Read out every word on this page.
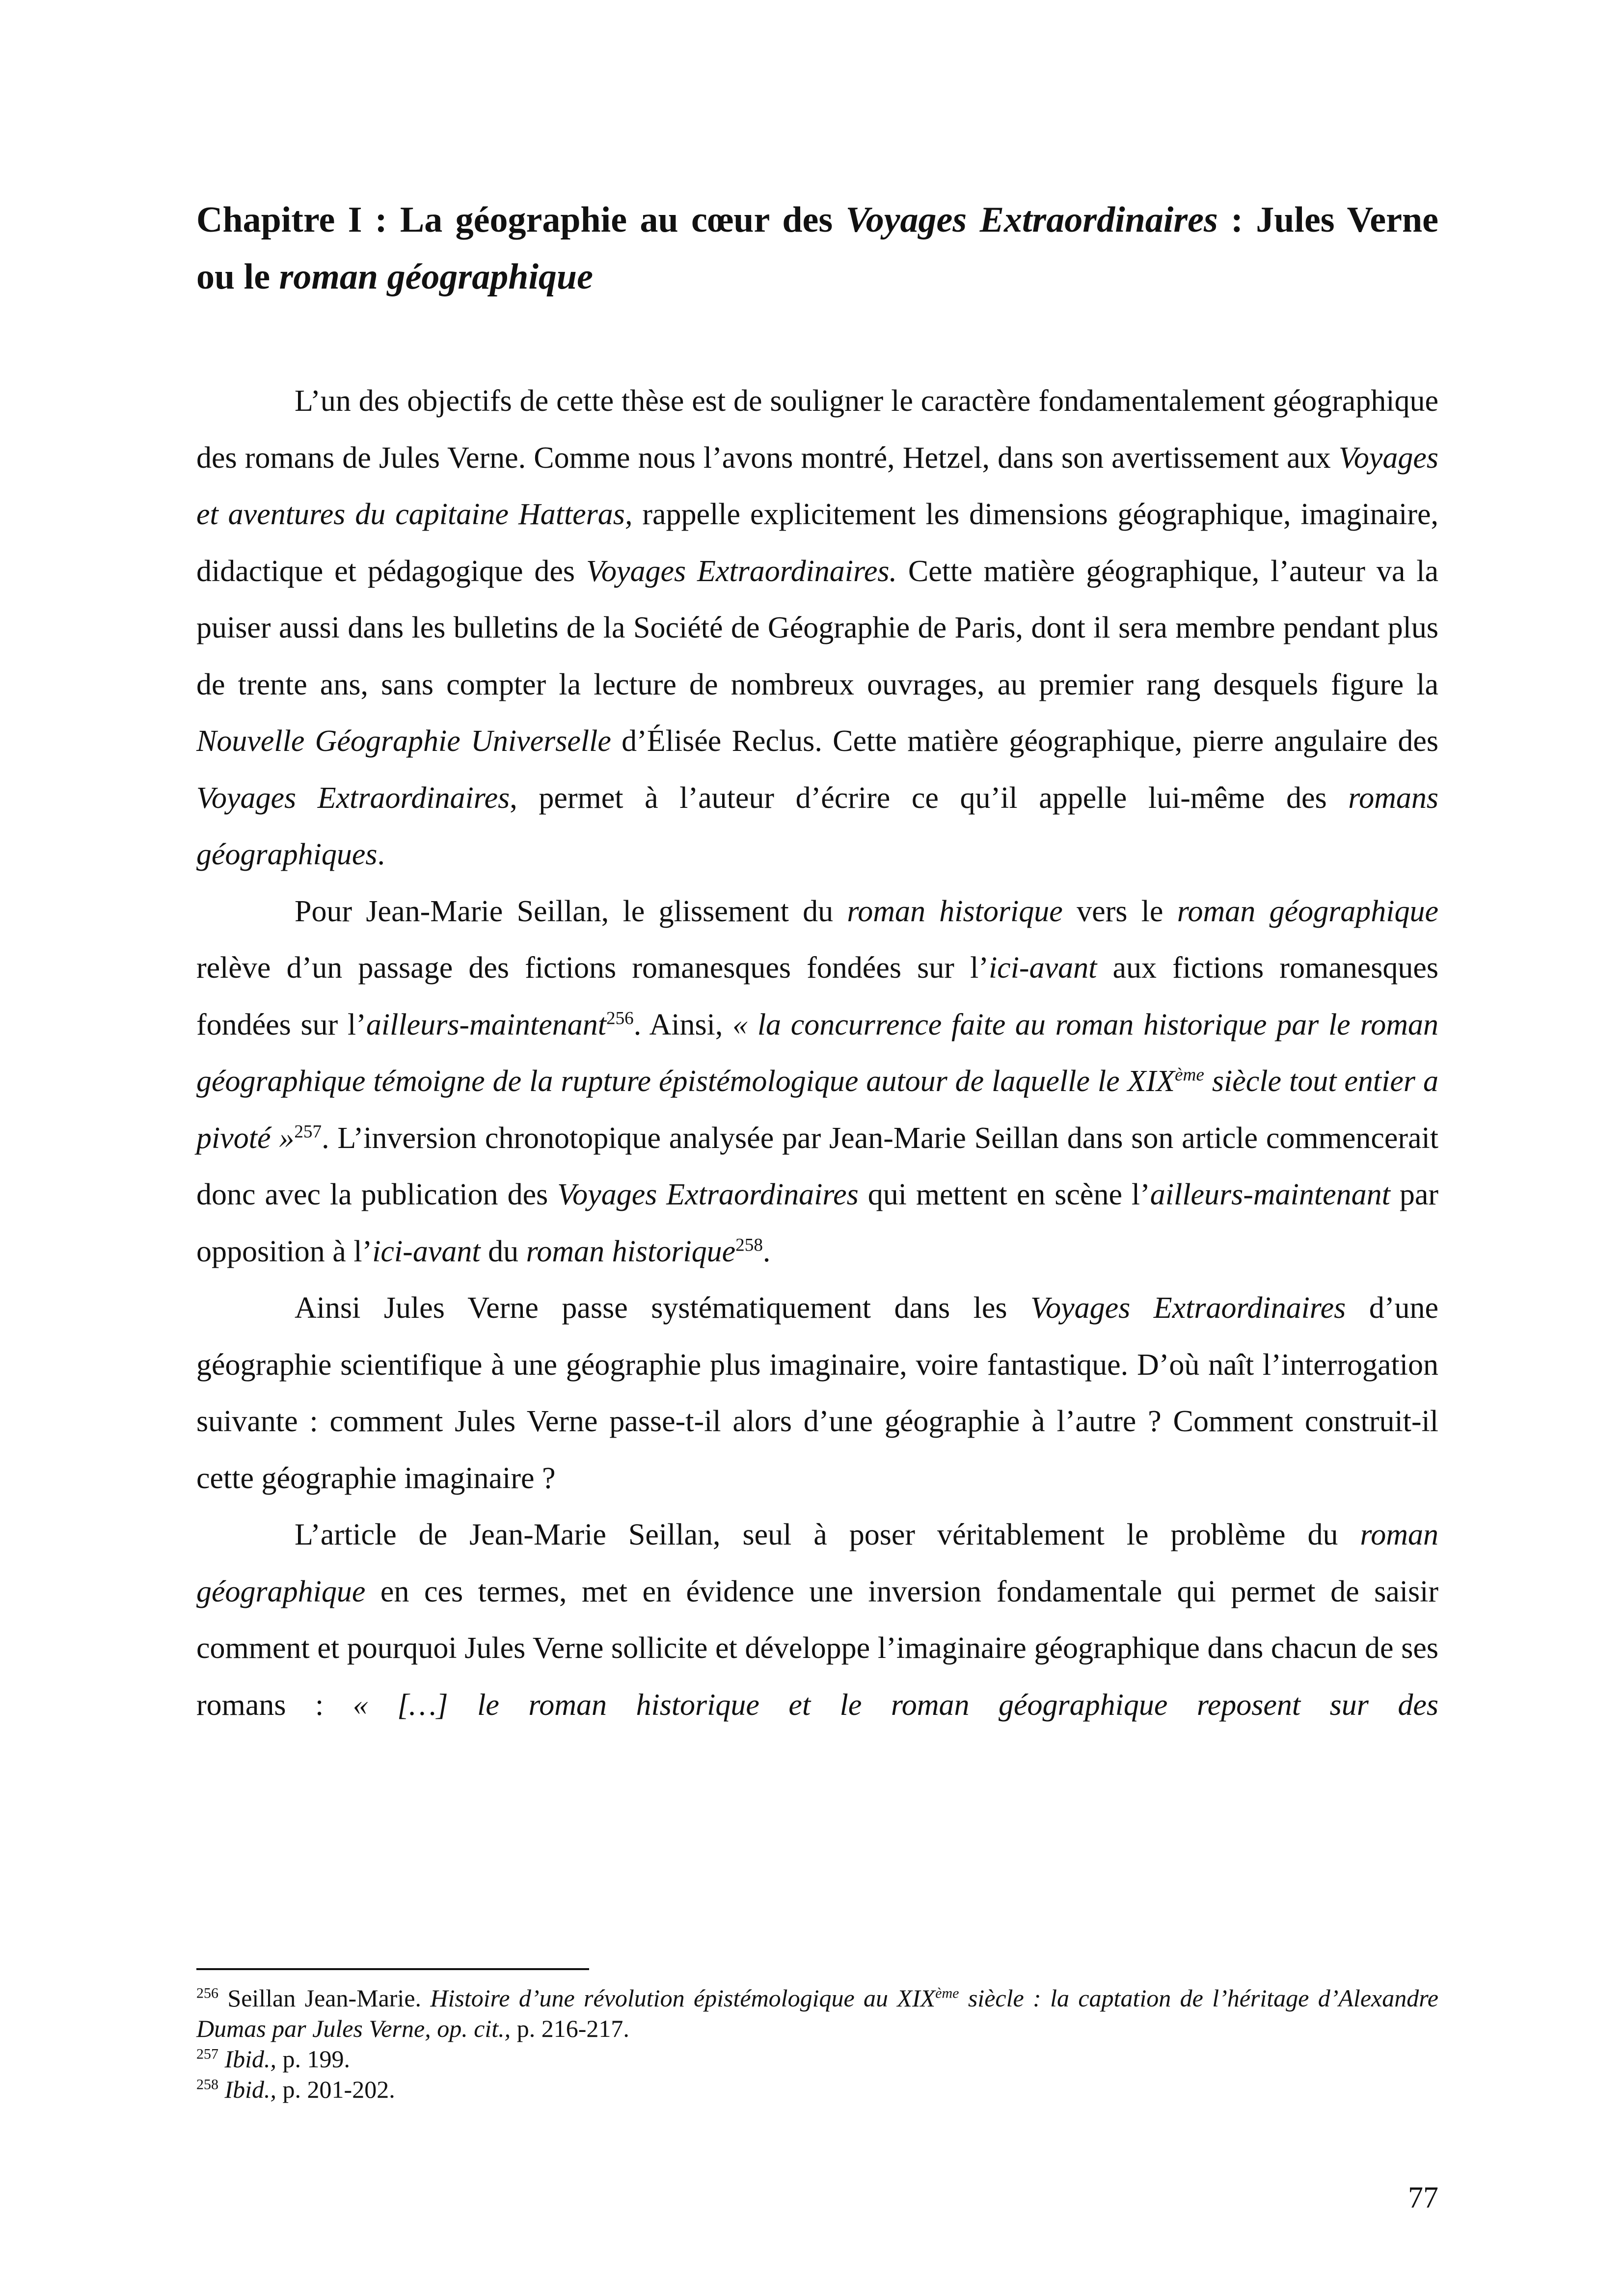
Chapitre I : La géographie au cœur des Voyages Extraordinaires : Jules Verne ou le roman géographique

L’un des objectifs de cette thèse est de souligner le caractère fondamentalement géographique des romans de Jules Verne. Comme nous l’avons montré, Hetzel, dans son avertissement aux Voyages et aventures du capitaine Hatteras, rappelle explicitement les dimensions géographique, imaginaire, didactique et pédagogique des Voyages Extraordinaires. Cette matière géographique, l’auteur va la puiser aussi dans les bulletins de la Société de Géographie de Paris, dont il sera membre pendant plus de trente ans, sans compter la lecture de nombreux ouvrages, au premier rang desquels figure la Nouvelle Géographie Universelle d’Élisée Reclus. Cette matière géographique, pierre angulaire des Voyages Extraordinaires, permet à l’auteur d’écrire ce qu’il appelle lui-même des romans géographiques.

Pour Jean-Marie Seillan, le glissement du roman historique vers le roman géographique relève d’un passage des fictions romanesques fondées sur l’ici-avant aux fictions romanesques fondées sur l’ailleurs-maintenant$^{256}$. Ainsi, « la concurrence faite au roman historique par le roman géographique témoigne de la rupture épistémologique autour de laquelle le XIXème siècle tout entier a pivoté »$^{257}$. L’inversion chronotopique analysée par Jean-Marie Seillan dans son article commencerait donc avec la publication des Voyages Extraordinaires qui mettent en scène l’ailleurs-maintenant par opposition à l’ici-avant du roman historique$^{258}$.

Ainsi Jules Verne passe systématiquement dans les Voyages Extraordinaires d’une géographie scientifique à une géographie plus imaginaire, voire fantastique. D’où naît l’interrogation suivante : comment Jules Verne passe-t-il alors d’une géographie à l’autre ? Comment construit-il cette géographie imaginaire ?

L’article de Jean-Marie Seillan, seul à poser véritablement le problème du roman géographique en ces termes, met en évidence une inversion fondamentale qui permet de saisir comment et pourquoi Jules Verne sollicite et développe l’imaginaire géographique dans chacun de ses romans : « […] le roman historique et le roman géographique reposent sur des

$^{256}$ Seillan Jean-Marie. Histoire d’une révolution épistémologique au XIXème siècle : la captation de l’héritage d’Alexandre Dumas par Jules Verne, op. cit., p. 216-217.

$^{257}$ Ibid., p. 199.

$^{258}$ Ibid., p. 201-202.

77
